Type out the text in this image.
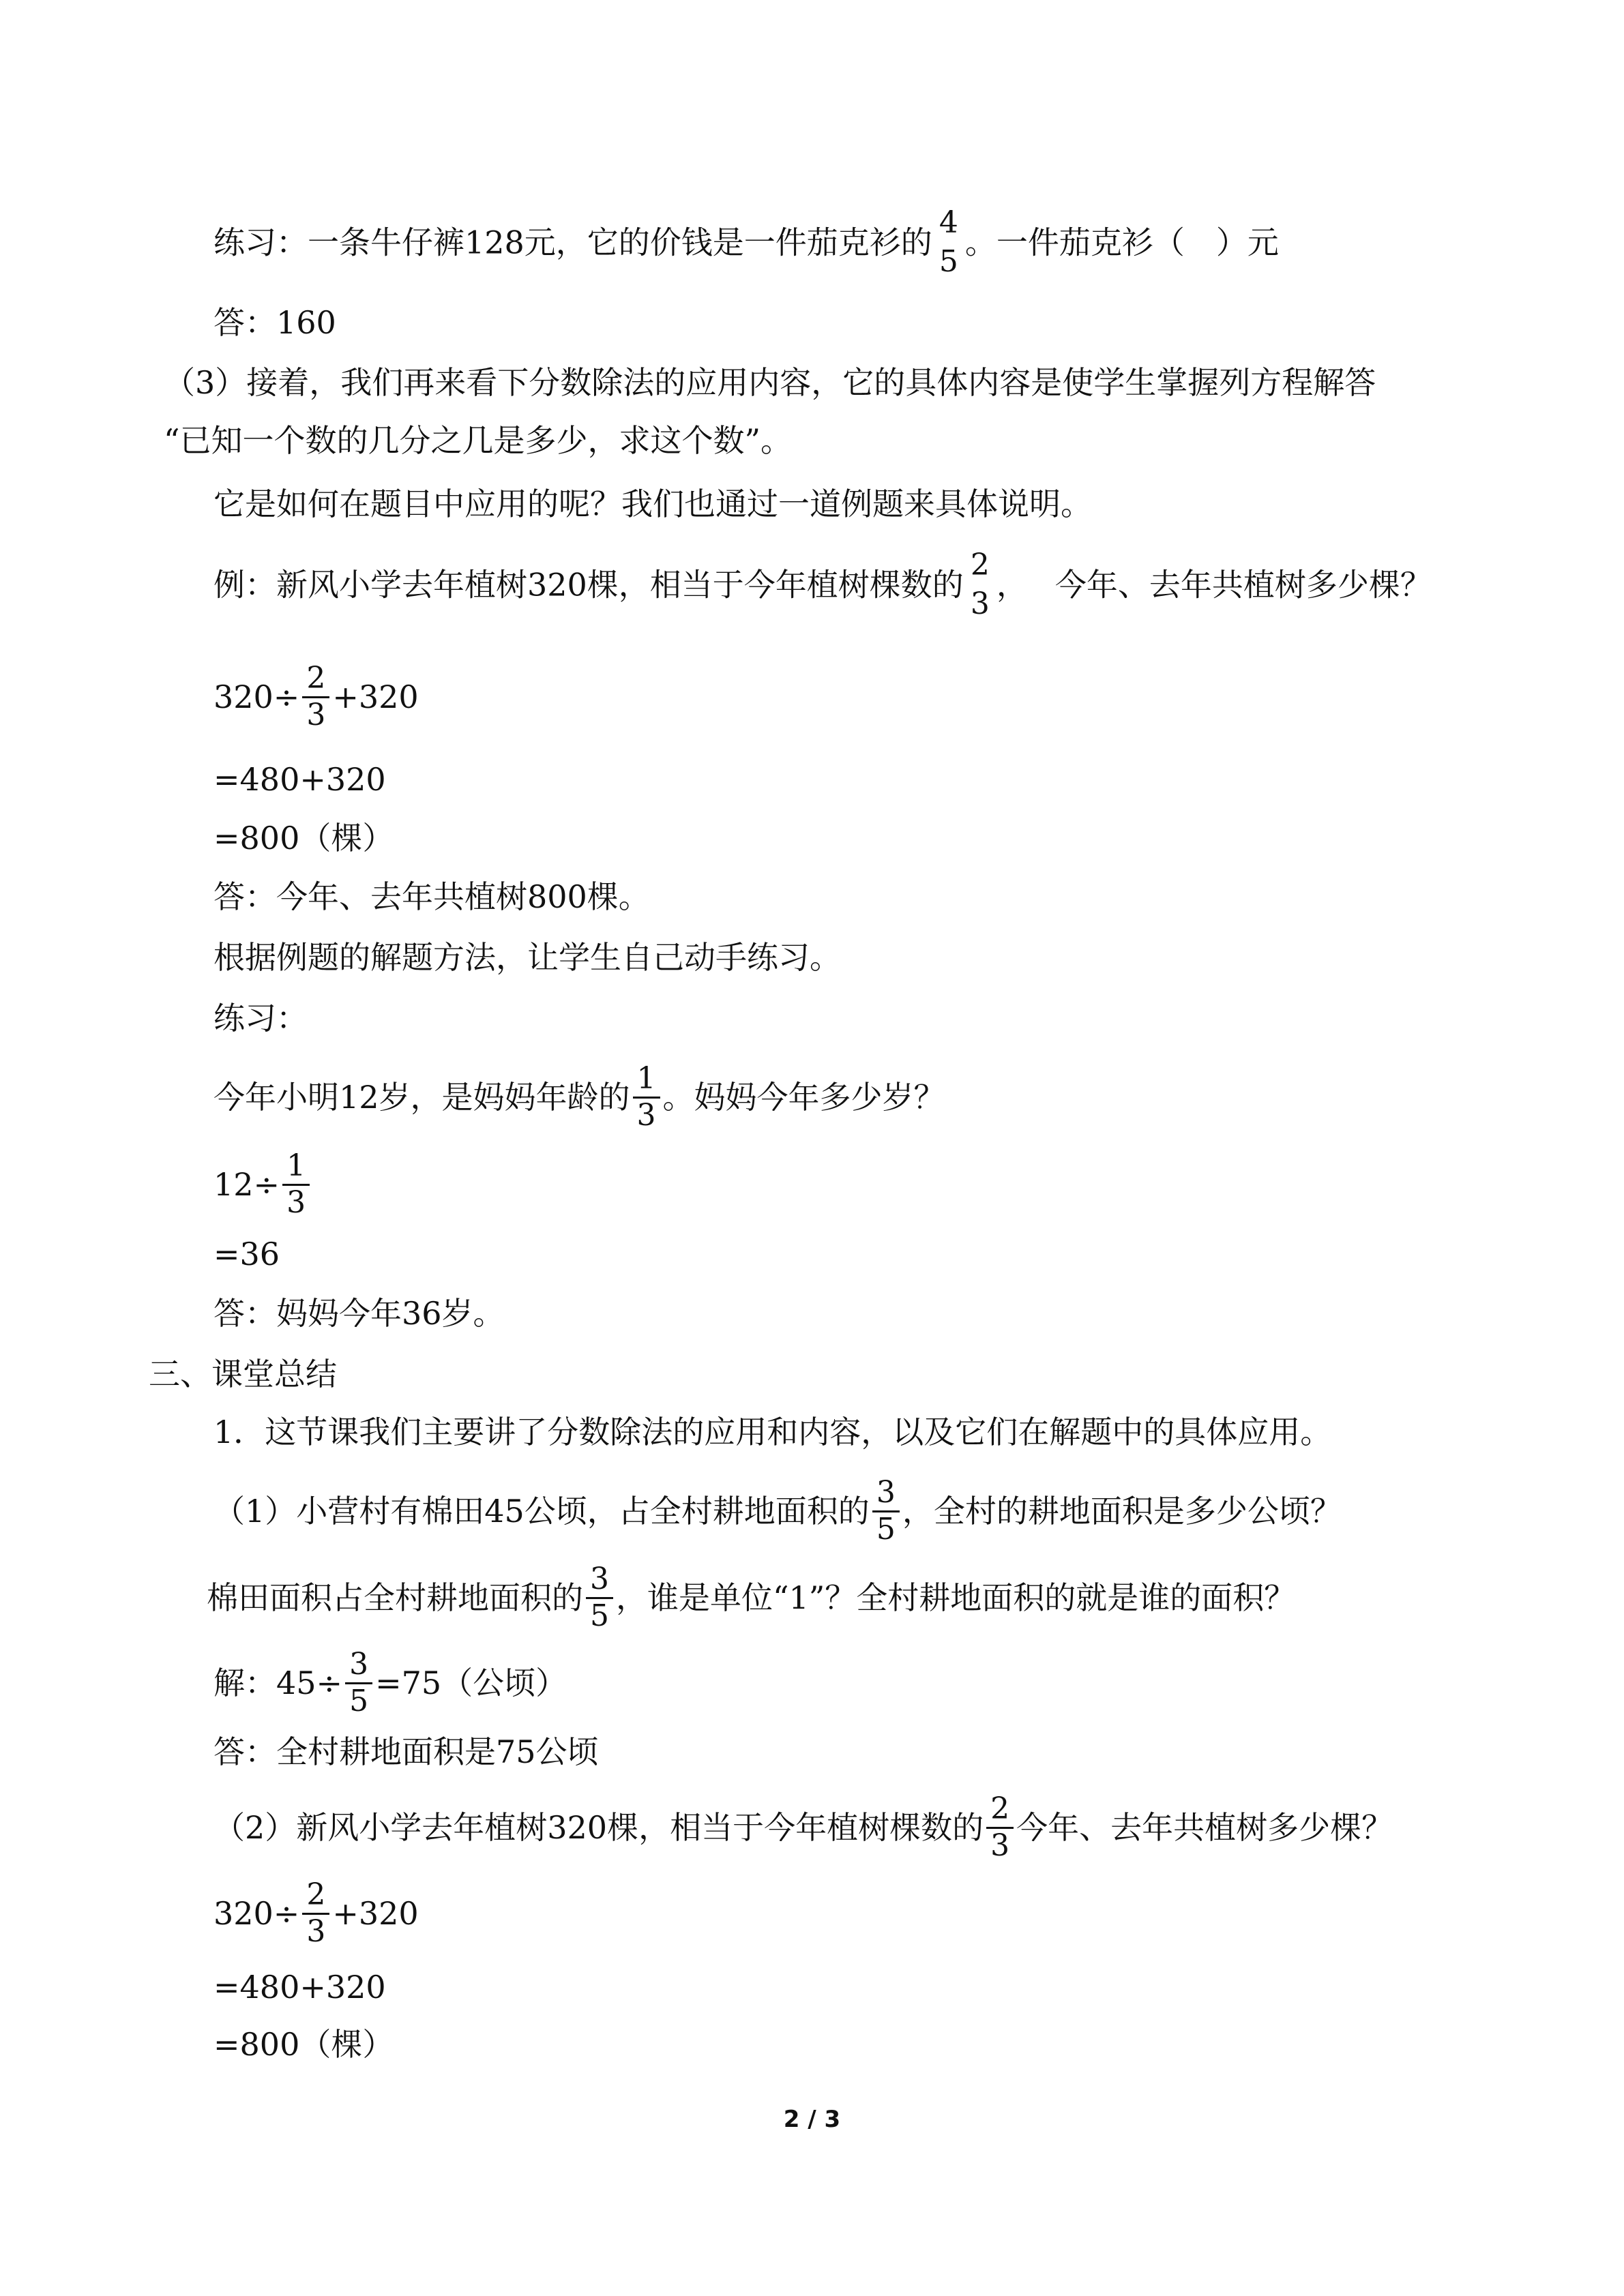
练习：一条牛仔裤128元，它的价钱是一件茄克衫的
4
5
。一件茄克衫（　）元
答：160
（3）接着，我们再来看下分数除法的应用内容，它的具体内容是使学生掌握列方程解答
“已知一个数的几分之几是多少，求这个数”。
它是如何在题目中应用的呢？我们也通过一道例题来具体说明。
例：新风小学去年植树320棵，相当于今年植树棵数的
2
3
， 今年、去年共植树多少棵？
$320\div \frac{2}{3} +320$
=480+320
=800（棵）
答：今年、去年共植树800棵。
根据例题的解题方法，让学生自己动手练习。
练习：
今年小明12岁，是妈妈年龄的 $\frac{1}{3}$ 。妈妈今年多少岁？
$12\div \frac{1}{3}$
=36
答：妈妈今年36岁。
三、课堂总结
1．这节课我们主要讲了分数除法的应用和内容，以及它们在解题中的具体应用。
（1）小营村有棉田45公顷，占全村耕地面积的 $\frac{3}{5}$ ，全村的耕地面积是多少公顷？
棉田面积占全村耕地面积的 $\frac{3}{5}$ ，谁是单位“1”？全村耕地面积的就是谁的面积？
解：$45\div \frac{3}{5} =75$（公顷）
答：全村耕地面积是75公顷
（2）新风小学去年植树320棵，相当于今年植树棵数的 $\frac{2}{3}$ 今年、去年共植树多少棵？
$320\div \frac{2}{3} +320$
=480+320
=800（棵）
2 / 3
